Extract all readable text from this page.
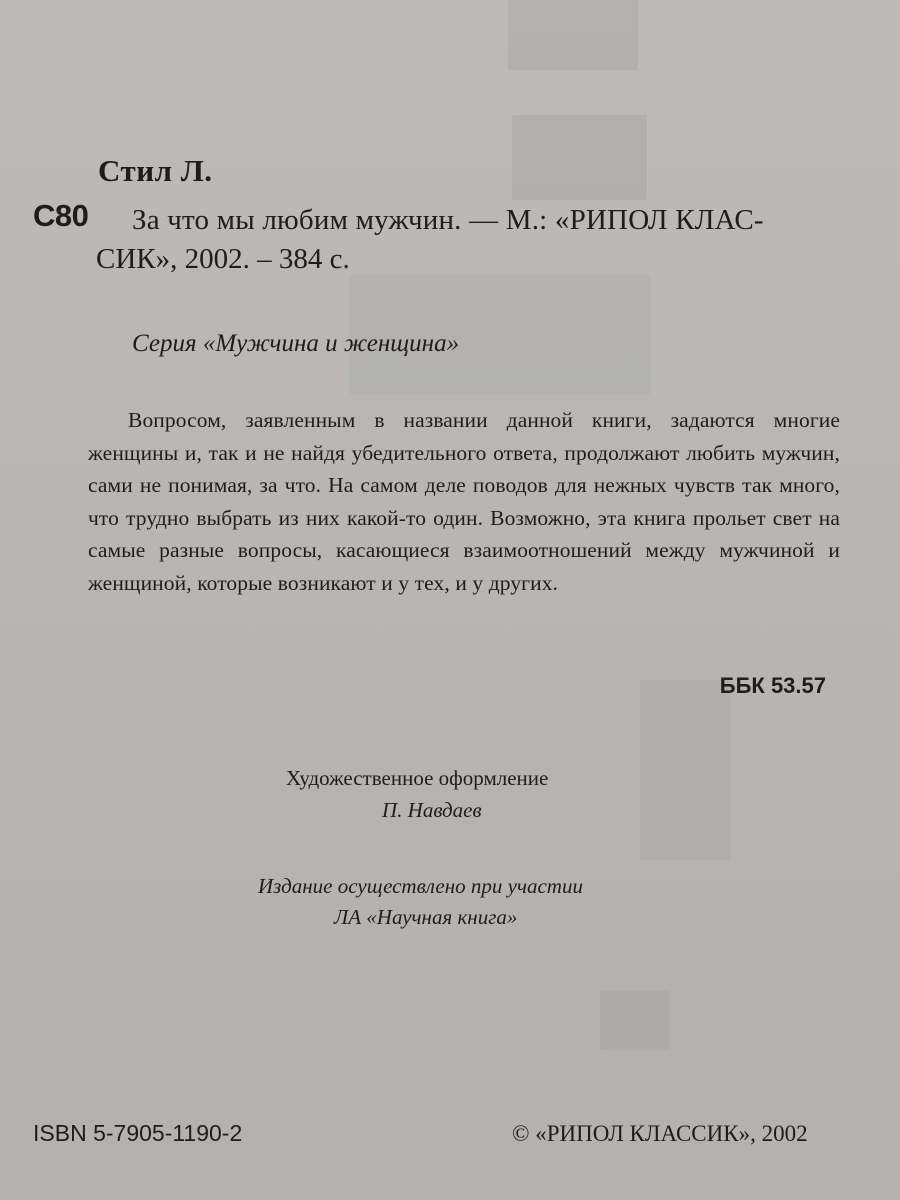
Стил Л.
С80 За что мы любим мужчин. — М.: «РИПОЛ КЛАС-
СИК», 2002. – 384 с.
Серия «Мужчина и женщина»
Вопросом, заявленным в названии данной книги, задаются многие женщины и, так и не найдя убедительного ответа, продолжают любить мужчин, сами не понимая, за что. На самом деле поводов для нежных чувств так много, что трудно выбрать из них какой-то один. Возможно, эта книга прольет свет на самые разные вопросы, касающиеся взаимоотношений между мужчиной и женщиной, которые возникают и у тех, и у других.
ББК 53.57
Художественное оформление
П. Навдаев
Издание осуществлено при участии
ЛА «Научная книга»
ISBN 5-7905-1190-2	© «РИПОЛ КЛАССИК», 2002
